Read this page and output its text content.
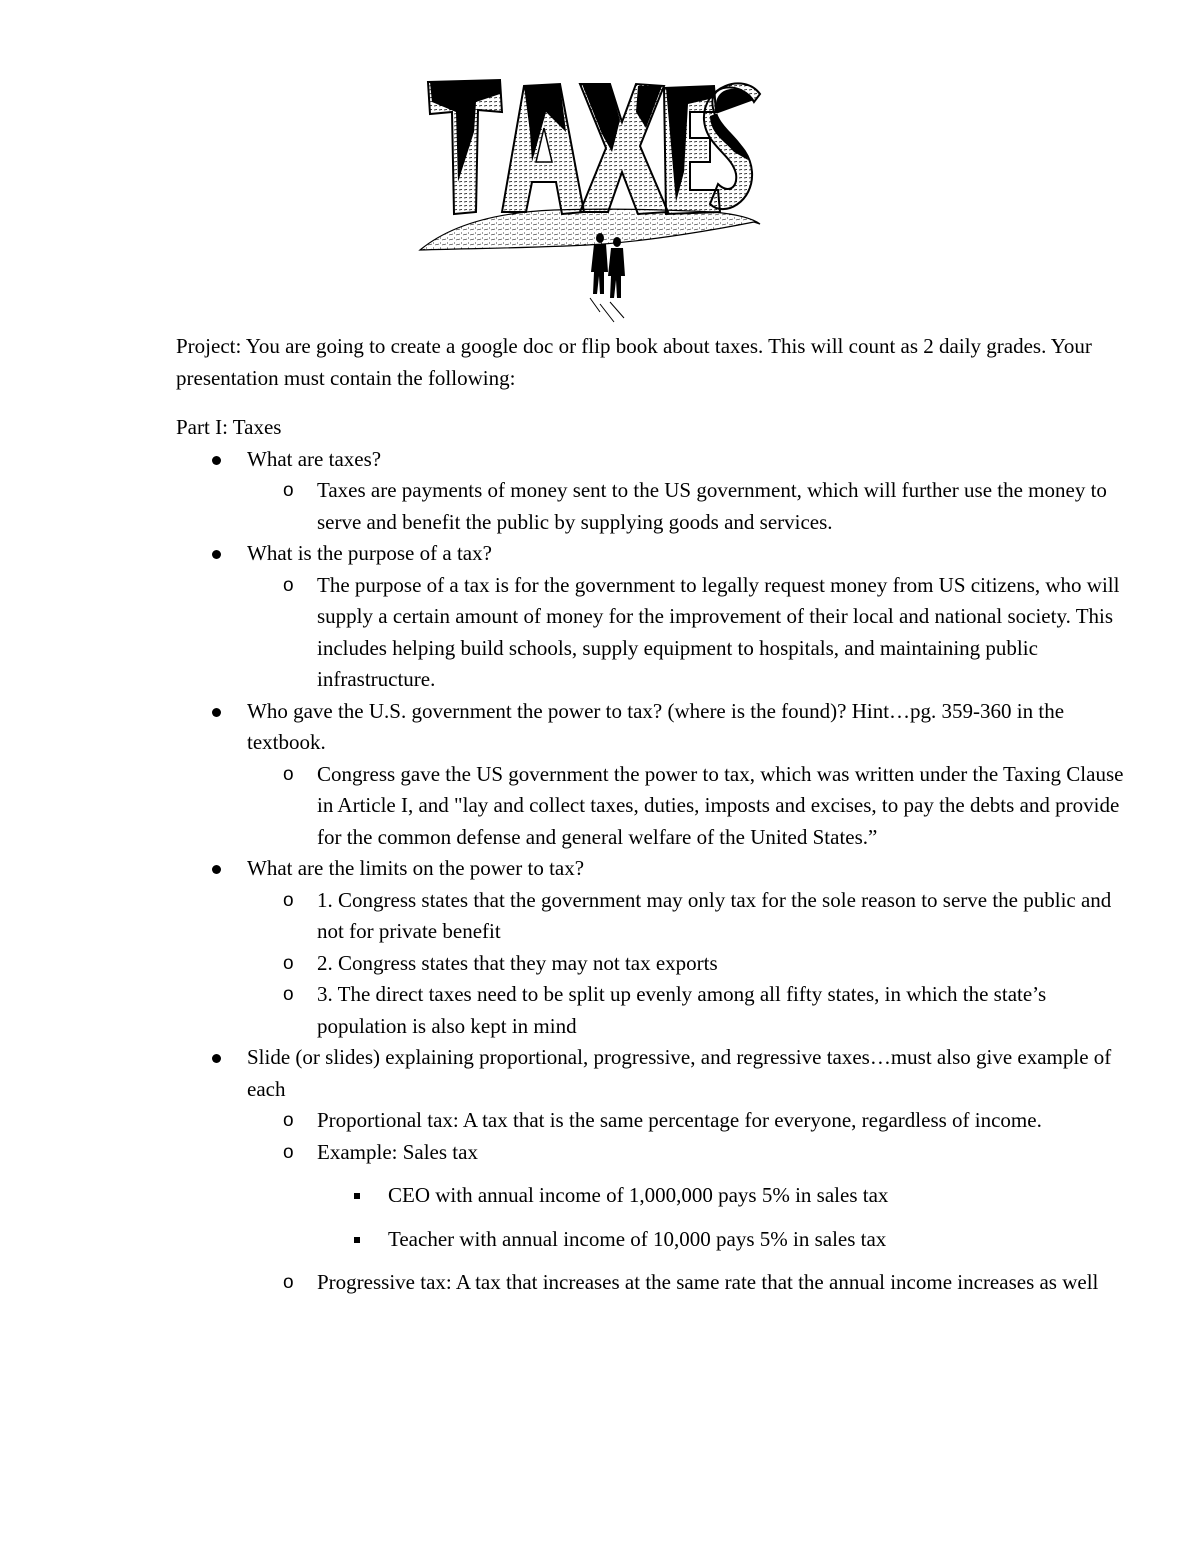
Project: You are going to create a google doc or flip book about taxes. This will count as 2 daily grades. Your presentation must contain the following:

Part I: Taxes

What are taxes?
o Taxes are payments of money sent to the US government, which will further use the money to serve and benefit the public by supplying goods and services.
What is the purpose of a tax?
o The purpose of a tax is for the government to legally request money from US citizens, who will supply a certain amount of money for the improvement of their local and national society. This includes helping build schools, supply equipment to hospitals, and maintaining public infrastructure.
Who gave the U.S. government the power to tax? (where is the found)? Hint…pg. 359-360 in the textbook.
o Congress gave the US government the power to tax, which was written under the Taxing Clause in Article I, and "lay and collect taxes, duties, imposts and excises, to pay the debts and provide for the common defense and general welfare of the United States.”
What are the limits on the power to tax?
o 1. Congress states that the government may only tax for the sole reason to serve the public and not for private benefit
o 2. Congress states that they may not tax exports
o 3. The direct taxes need to be split up evenly among all fifty states, in which the state’s population is also kept in mind
Slide (or slides) explaining proportional, progressive, and regressive taxes…must also give example of each
o Proportional tax: A tax that is the same percentage for everyone, regardless of income.
o Example: Sales tax
CEO with annual income of 1,000,000 pays 5% in sales tax
Teacher with annual income of 10,000 pays 5% in sales tax
o Progressive tax: A tax that increases at the same rate that the annual income increases as well
